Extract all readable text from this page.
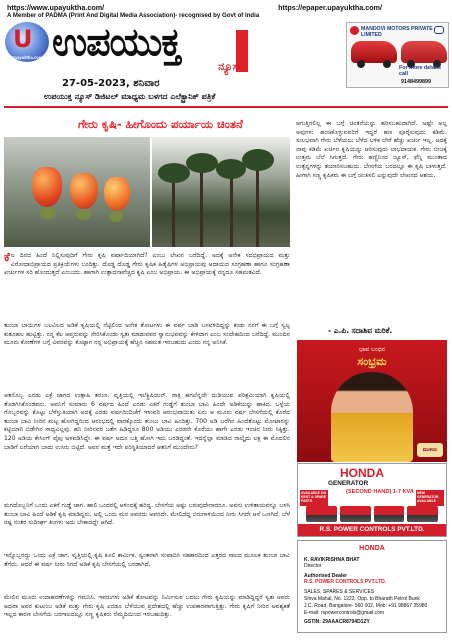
https://www.upayuktha.com/	https://epaper.upayuktha.com/
A Member of PADMA (Print And Digital Media Association)- recognised by Govt of India
U
Upayuktha.com ಉಪಯುಕ್ತ
ನ್ಯೂಸ್
27-05-2023, ಶನಿವಾರ
ಉಪಯುಕ್ತ ನ್ಯೂಸ್ ಡಿಜಿಟಲ್ ಮಾಧ್ಯಮ ಬಳಗದ ಎಲೆಕ್ಟ್ರಾನಿಕ್ ಪತ್ರಿಕೆ
MANDOVI MOTORS PRIVATE LIMITED
For more details call
9148499899
ಗೇರು ಕೃಷಿ- ಹೀಗೊಂದು ಪರ್ಯಾಯ ಚಿಂತನೆ	ಆಗುತ್ತಿರಲಿಲ್ಲ ಈ ಬಗ್ಗೆ ಚಿಂತನೆಯನ್ನು ಹರಿಸಬಹುದಾಗಿದೆ. ಅಷ್ಟೇ ಅಲ್ಲ ಅವುಗಳು ಹಂಚಿಕೊಳ್ಳುವವರಿಗೆ ಇದ್ದರೆ ಹಣ ಪೂರೈಸುವುದು ಕಡಿಮೆ. ಸುಲಭವಾಗಿ ಗೇರು ಬೆಳೆಯಲು ಬೆಳೆದ ಬಳಿಕ ಬೇರೆ ಹೆಚ್ಚು ಖರ್ಚು ಇಲ್ಲ. ಅದಕ್ಕೆ ನಾವು ಕಡಿಮೆ ಖರ್ಚಿನ ಕೃಷಿಯನ್ನು ಆರಿಸುವುದು ಲಾಭದಾಯಕ. ಗೇರು ಬೀಜಕ್ಕೆ ಉತ್ತಮ ಬೆಲೆ ಸಿಗುತ್ತದೆ. ಗೇರು ಹಣ್ಣಿನಿಂದ ಜ್ಯೂಸ್, ಫೆನ್ನಿ ಮುಂತಾದ ಉತ್ಪನ್ನಗಳನ್ನು ತಯಾರಿಸಬಹುದು. ಬೇಸಗೆಯ ಬರದಲ್ಲೂ ಈ ಕೃಷಿ ಬಾಳುತ್ತದೆ. ಹೀಗಾಗಿ ಸಣ್ಣ ಕೃಷಿಕರು ಈ ಬಗ್ಗೆ ಚಿಂತಿಸಲಿ ಎನ್ನುವುದೇ ಲೇಖನದ ಆಶಯ.
- ಎ.ಪಿ. ಸದಾಶಿವ ಮರಿಕೆ.
ಕೆಲ ದಿನದ ಹಿಂದೆ ನಿಲ್ಲಿಸುವುದಿಗೆ ಗೇರು ಕೃಷಿ ವರ್ಷಾದಿಯಾಗಿದೆ? ಎಂಬು ಲೇಖನ ಬರೆದಿದ್ದೆ. ಅದಕ್ಕೆ ಅನೇಕ ಸದಭಿಪ್ರಾಯದ ಮತ್ತು ವಿರೋಧಾಭಿಪ್ರಾಯದ ಪ್ರತಿಕ್ರಿಯೆಗಳು ಬಂದಿತ್ತು. ದೊಡ್ಡ ದೊಡ್ಡ ಗೇರು ಕೃಷಿಕ ಹಿತೈಷಿಗಳ ಅಭಿಪ್ರಾಯವು ಆದಾಯದ ಸಂಗ್ರಹಣಾ ಹಾಗೂ ಸಂಗ್ರಹಣಾ ಖರ್ಚುಗಳ ಸರಿ ಹೊಂದುತ್ತದೆ ಎಂಬುದು. ಹಾಗಾಗಿ ಉತ್ಪಾದನಾವೆಚ್ಚದ ಕೃಷಿ ಎಂಬ ಅಭಿಪ್ರಾಯ. ಈ ಅಭಿಪ್ರಾಯಕ್ಕೆ ನನ್ನದೂ ಸಹಮತವಿದೆ.
ತುಂಬಾ ಬಾಯಿಗಳ ಬಲವಿಲದ ಅಡಿಕೆ ಕೃಷಿಯಲ್ಲಿ ನೆಟ್ಟಿಲಿಂದ ಅನೇಕ ತೋಟಗಳು ಈ ವರ್ಷ ಬಾಡಿ ಬಸವಳಿದಿದ್ದನ್ನು ಕಂಡು ನನಗೆ ಈ ಬಗ್ಗೆ ಸ್ವಲ್ಪ ಕುತೂಹಲ ಹುಟ್ಟಿತ್ತು. ನನ್ನ ಕೆಲ ಆಪ್ತರುವನ್ನು ಸೇರಿಸಿಕೊಂಡು ಸ್ವತಃ ಮಾಡುವವರ ಸ್ವಾನುಭವವನ್ನು ಕೇಳಿದಾಗ ಎಂಬ ಸಂದೇಹದಿಂದ ಬರೆದಿದ್ದೆ. ಮುಂದಿನ ಮೂರು ಕೋಣೆಗಳ ಬಗ್ಗೆ ವಿವರವನ್ನು ಕೊಟ್ಟಾಗ ನನ್ನ ಅಭಿಪ್ರಾಯಕ್ಕೆ ಹೆಚ್ಚಿನ ಸಹಮತ ಇರಬಹುದು ಎಂದು ನನ್ನ ಅನಿಸಿಕೆ.
ಆತನೊಬ್ಬ ಎರಡು ಎಕ್ರೆ ಜಾಗದ ಉತ್ಸಾಹಿ ತರುಣ. ವೃತ್ತಿಯಲ್ಲಿ ಇಲೆಕ್ಟ್ರಿಷಿಯನ್. ರಾತ್ರಿ ಹಗಲೆನ್ನದೇ ದುಡಿಯುವ ಪರಿಶ್ರಮಿಯಾಗಿ ಕೃಷಿಯಲ್ಲಿ ತೊಡಗಿಸಿಕೊಂಡವನು. ಅವನಿಗೆ ಸುಮಾರು 6 ವರ್ಷದ ಹಿಂದೆ ಎರಡು ಎಕರೆ ಗುಡ್ಡೆಗೆ ತುಂಬಾ ಬಾವಿ ಹಿಂದೇ ಅಡಿಕೆಯನ್ನು ಹಾಕಿದ. ಒಳ್ಳೆಯ ಗೊಬ್ಬರವನ್ನು ಕೊಟ್ಟು ಬೆಳೆಸ್ತುತಿಯಾಗಿ ಅದಕ್ಕೆ ಎರಡು ವರ್ಷದಿಂದಿಚೆಗೆ ಇಳುವರಿ ಆರಂಭವಾಯಿತು ಏನು ಆ ಮೂರು ವರ್ಷ ಬೇಸಗೆಯಲ್ಲಿ ಕೊರೆದ ತುಂಬಾ ಬಾವಿ ನೀರಿನ ಮಟ್ಟ ಹೋಗಿದ್ದರಿಂದ ಆರಂಭದಲ್ಲಿ ವಾರಕ್ಕೊಂದು ತುಂಬು ಬಾವಿ ಹಿಂದಿತ್ತು. 700 ಅಡಿ ಬರೆಗಿನ ಹಿಂದೆತೊಟ್ಟು ಮೋಟಾರನ್ನು ಕಟ್ಟಿಯಾಗಿ ಬಿಡೇಗಿನ ಸಾಧ್ಯವಿಲ್ಲವು. ಹನಿ ನೀರಿನವರ ಜತೆಗ ಹಿಡಿದ್ದರೂ 800 ಅಡಿಯು ಎರಡನೇ ಕೊರೆಯು ಹಾಗೇ ಎರಡು ಇಂಚಿನ ನೀರು ಸಿಕ್ಕಿತ್ತು. 120 ಅಡಿಯ ಕೇಸಿಂಗ್ ಪೈಪು ಅಳವಡಿಸಿದ್ದೇ. ಈ ವರ್ಷ ಅದೂ ಬತ್ತಿ ಹೋಗಿ ಇದು ಬರಡಿದ್ದಂತೆ. ಇದನ್ನೆಲ್ಲಾ ಮಾಡಿದ ನಾಲ್ಕೈದು ಲಕ್ಷ ಈ ಮೊದಲಿನ ಬಾಡಿಗೆ ಬರೆಯಾಗಿ ಬಾದು ಉಸಿರು ಬಿಟ್ಟಿದೆ. ಅವನ ಮತ್ತೆ ಇದೇ ಪರಿಸ್ಥಿತಿಯಾದರೆ ಆತನಿಗೆ ಮುಂದೇನು?
ಮಗದೊಬ್ಬನಿಗೆ ಒಂದು ಎಕರೆ ಗುಡ್ಡೆ ಜಾಗ. ಹಾಲಿ ಒಂದರಲ್ಲಿ ಆಳಿಂದಕ್ಕೆ ಹರಿದ್ದ. ಬೇಸಗೆಯ ಅಷ್ಟು ಬರುವುದೇನಾದರೂ. ಅವನು ಉಳಿತಾಯವನ್ನೂ ಬಳಸಿ ತುಂಬಾ ಬಾವಿ ಹಿಂದೆ ಅಡಿಕೆ ಕೃಷಿ ಮಾಡಿದ್ದನು. ಅಲ್ಲಿ ಒಂದು ಮರ ಅವನದು ಅವನದೇ. ಮೇಲಿದೆದ್ದ ಬಿರುಗಾಳಿಯಿಂದ ನೀರು ಸಿಗದೇ ಆಸೆ ಒಣಗಿದೆ. ಬೆಳೆ ನಷ್ಟ ನಂತರ ಸುದೀರ್ಘ ತಿಂಗಳು ಅದು ಬೇಕಾದದ್ದೇ ಆಗಿದೆ.
ಇನ್ನೊಬ್ಬರದ್ದು ಒಂದು ಎಕ್ರೆ ಜಾಗ. ವೃತ್ತಿಯಲ್ಲಿ ಕೃಷಿ ಕೂಲಿ ಕಾರ್ಮಿಕ. ಸ್ವಂತವಾಗಿ ಸಂಪಾದಿಸಿ ಸಹಕಾರದಿಂದ ಎತ್ತರದ ಸಾಲದ ಮೂಲಕ ತುಂಬಾ ಬಾವಿ ತೆಗೆದು. ಆದರೆ ಈ ವರ್ಷ ನೀರು ಸಿಗದೆ ಅಡಿಕೆ ಕೃಷಿ ಬೇಸಗೆಯಲ್ಲಿ ಬರಡಾಗಿದೆ.
ಮೇಲಿನ ಮೂರು ಉದಾಹರಣೆಗಳನ್ನು ಗಮನಿಸಿ. ಇವರುಗಳು ಅಡಿಕೆ ತೋಟವನ್ನು ನಿರ್ಮಿಸುವ ಬದಲು ಗೇರು ಕೃಷಿಯನ್ನು ಮಾಡಿದ್ದಿದ್ದರೆ ಸ್ವತಃ ಅವರು ಅಥವಾ ಅವರ ಕುಟುಂಬ ಅಡಿಕೆ ಮತ್ತು ಗೇರು ಕೃಷಿ ಎರಡೂ ಬೆಳೆಯುವ ಪ್ರದೇಶದಲ್ಲಿ ಹೆಚ್ಚು ಉಪಕಾರವಾಗುತ್ತಿತ್ತು. ಗೇರು ಕೃಷಿಗೆ ನೀರಿನ ಅವಶ್ಯಕತೆ ಇಲ್ಲದ ಕಾರಣ ಬೇಸಗೆಯ ಬರಗಾಲದಲ್ಲೂ ಸಣ್ಣ ಕೃಷಿಕರು ನೆಮ್ಮದಿಯಿಂದ ಇರಬಹುದಿತ್ತು.
ಭಾವ ಬಂಧನ
ಸಂಭ್ರಮ
ಮುಳಿಯ
HONDA
GENERATOR
(SECOND HAND) 1-7 KVA
AVAILABLE ON RENT & SPARE PARTS
NEW GENERATOR AVAILABLE
R.S. POWER CONTROLS PVT.LTD.
HONDA
K. RAVIKRISHNA BHAT
Director
Authorised Dealer
R.S. POWER CONTROLS PVT.LTD.
SALES, SPARES & SERVICES
Shiva Mahal, No. 1222, Opp. to Bharath Petrol Bunk
J.C. Road, Bangalore- 560 002, Mob: +91 98867 35980
E-mail: rspowercontrols@gmail.com
GSTIN: 29AAACR8794D1ZY
